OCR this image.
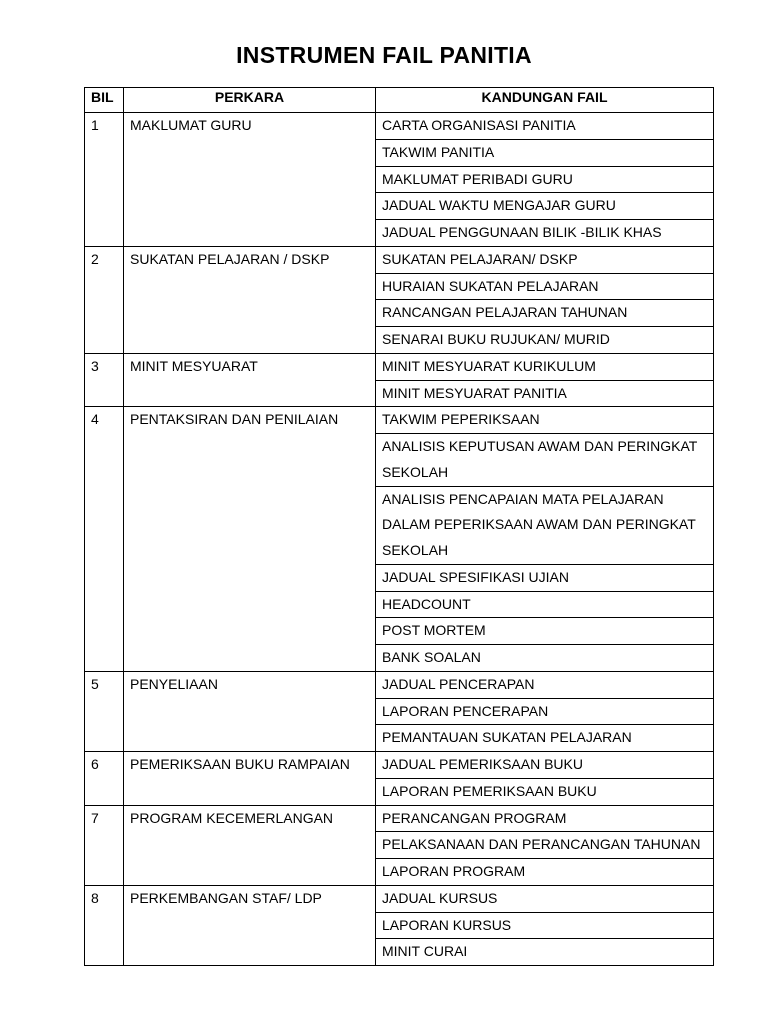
INSTRUMEN FAIL PANITIA
BIL	PERKARA	KANDUNGAN FAIL
1	MAKLUMAT GURU	CARTA ORGANISASI PANITIA
		TAKWIM PANITIA
		MAKLUMAT PERIBADI GURU
		JADUAL WAKTU MENGAJAR GURU
		JADUAL PENGGUNAAN BILIK -BILIK KHAS
2	SUKATAN PELAJARAN / DSKP	SUKATAN PELAJARAN/ DSKP
		HURAIAN SUKATAN PELAJARAN
		RANCANGAN PELAJARAN TAHUNAN
		SENARAI BUKU RUJUKAN/ MURID
3	MINIT MESYUARAT	MINIT MESYUARAT KURIKULUM
		MINIT MESYUARAT PANITIA
4	PENTAKSIRAN DAN PENILAIAN	TAKWIM PEPERIKSAAN
		ANALISIS KEPUTUSAN AWAM DAN PERINGKAT SEKOLAH
		ANALISIS PENCAPAIAN MATA PELAJARAN DALAM PEPERIKSAAN AWAM DAN PERINGKAT SEKOLAH
		JADUAL SPESIFIKASI UJIAN
		HEADCOUNT
		POST MORTEM
		BANK SOALAN
5	PENYELIAAN	JADUAL PENCERAPAN
		LAPORAN PENCERAPAN
		PEMANTAUAN SUKATAN PELAJARAN
6	PEMERIKSAAN BUKU RAMPAIAN	JADUAL PEMERIKSAAN BUKU
		LAPORAN PEMERIKSAAN BUKU
7	PROGRAM KECEMERLANGAN	PERANCANGAN PROGRAM
		PELAKSANAAN DAN PERANCANGAN TAHUNAN
		LAPORAN PROGRAM
8	PERKEMBANGAN STAF/ LDP	JADUAL KURSUS
		LAPORAN KURSUS
		MINIT CURAI
